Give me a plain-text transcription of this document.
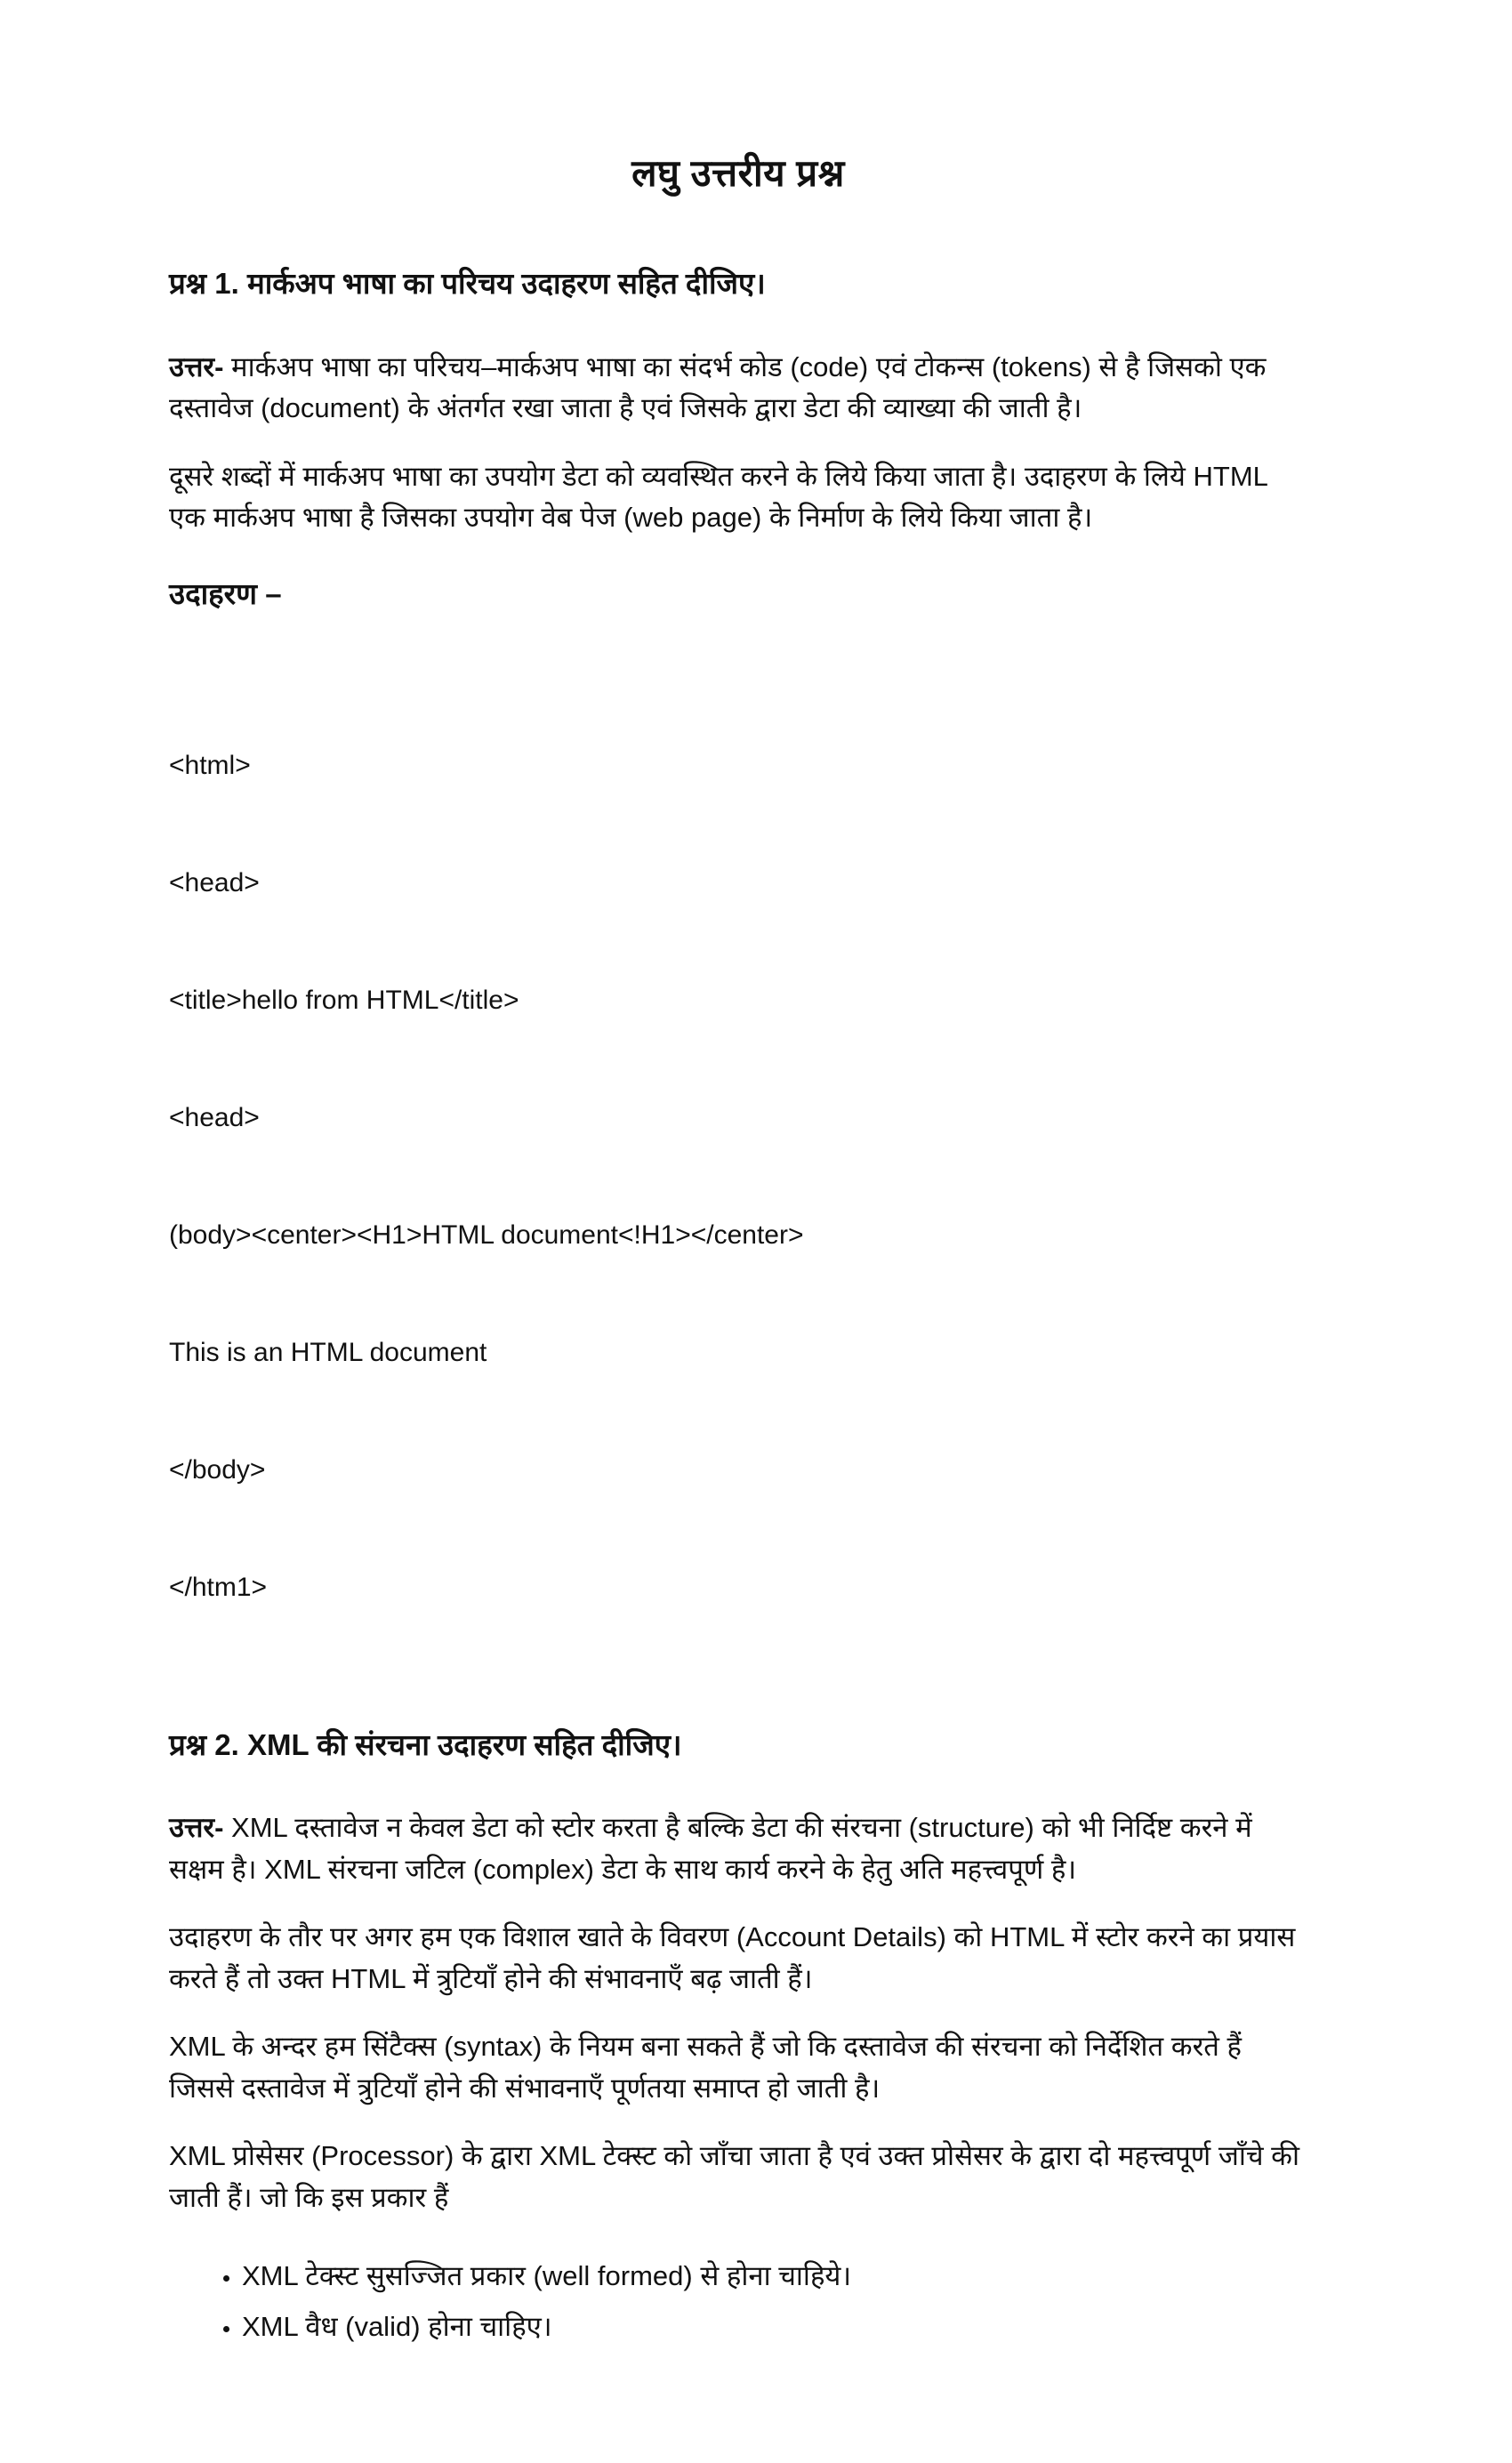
लघु उत्तरीय प्रश्न
प्रश्न 1. मार्कअप भाषा का परिचय उदाहरण सहित दीजिए।

उत्तर- मार्कअप भाषा का परिचय–मार्कअप भाषा का संदर्भ कोड (code) एवं टोकन्स (tokens) से है जिसको एक दस्तावेज (document) के अंतर्गत रखा जाता है एवं जिसके द्वारा डेटा की व्याख्या की जाती है।

दूसरे शब्दों में मार्कअप भाषा का उपयोग डेटा को व्यवस्थित करने के लिये किया जाता है। उदाहरण के लिये HTML एक मार्कअप भाषा है जिसका उपयोग वेब पेज (web page) के निर्माण के लिये किया जाता है।

उदाहरण –

<html>

<head>

<title>hello from HTML</title>

<head>

(body><center><H1>HTML document<!H1></center>

This is an HTML document

</body>

</htm1>

प्रश्न 2. XML की संरचना उदाहरण सहित दीजिए।

उत्तर- XML दस्तावेज न केवल डेटा को स्टोर करता है बल्कि डेटा की संरचना (structure) को भी निर्दिष्ट करने में सक्षम है। XML संरचना जटिल (complex) डेटा के साथ कार्य करने के हेतु अति महत्त्वपूर्ण है।

उदाहरण के तौर पर अगर हम एक विशाल खाते के विवरण (Account Details) को HTML में स्टोर करने का प्रयास करते हैं तो उक्त HTML में त्रुटियाँ होने की संभावनाएँ बढ़ जाती हैं।

XML के अन्दर हम सिंटैक्स (syntax) के नियम बना सकते हैं जो कि दस्तावेज की संरचना को निर्देशित करते हैं जिससे दस्तावेज में त्रुटियाँ होने की संभावनाएँ पूर्णतया समाप्त हो जाती है।

XML प्रोसेसर (Processor) के द्वारा XML टेक्स्ट को जाँचा जाता है एवं उक्त प्रोसेसर के द्वारा दो महत्त्वपूर्ण जाँचे की जाती हैं। जो कि इस प्रकार हैं

• XML टेक्स्ट सुसज्जित प्रकार (well formed) से होना चाहिये।
• XML वैध (valid) होना चाहिए।
